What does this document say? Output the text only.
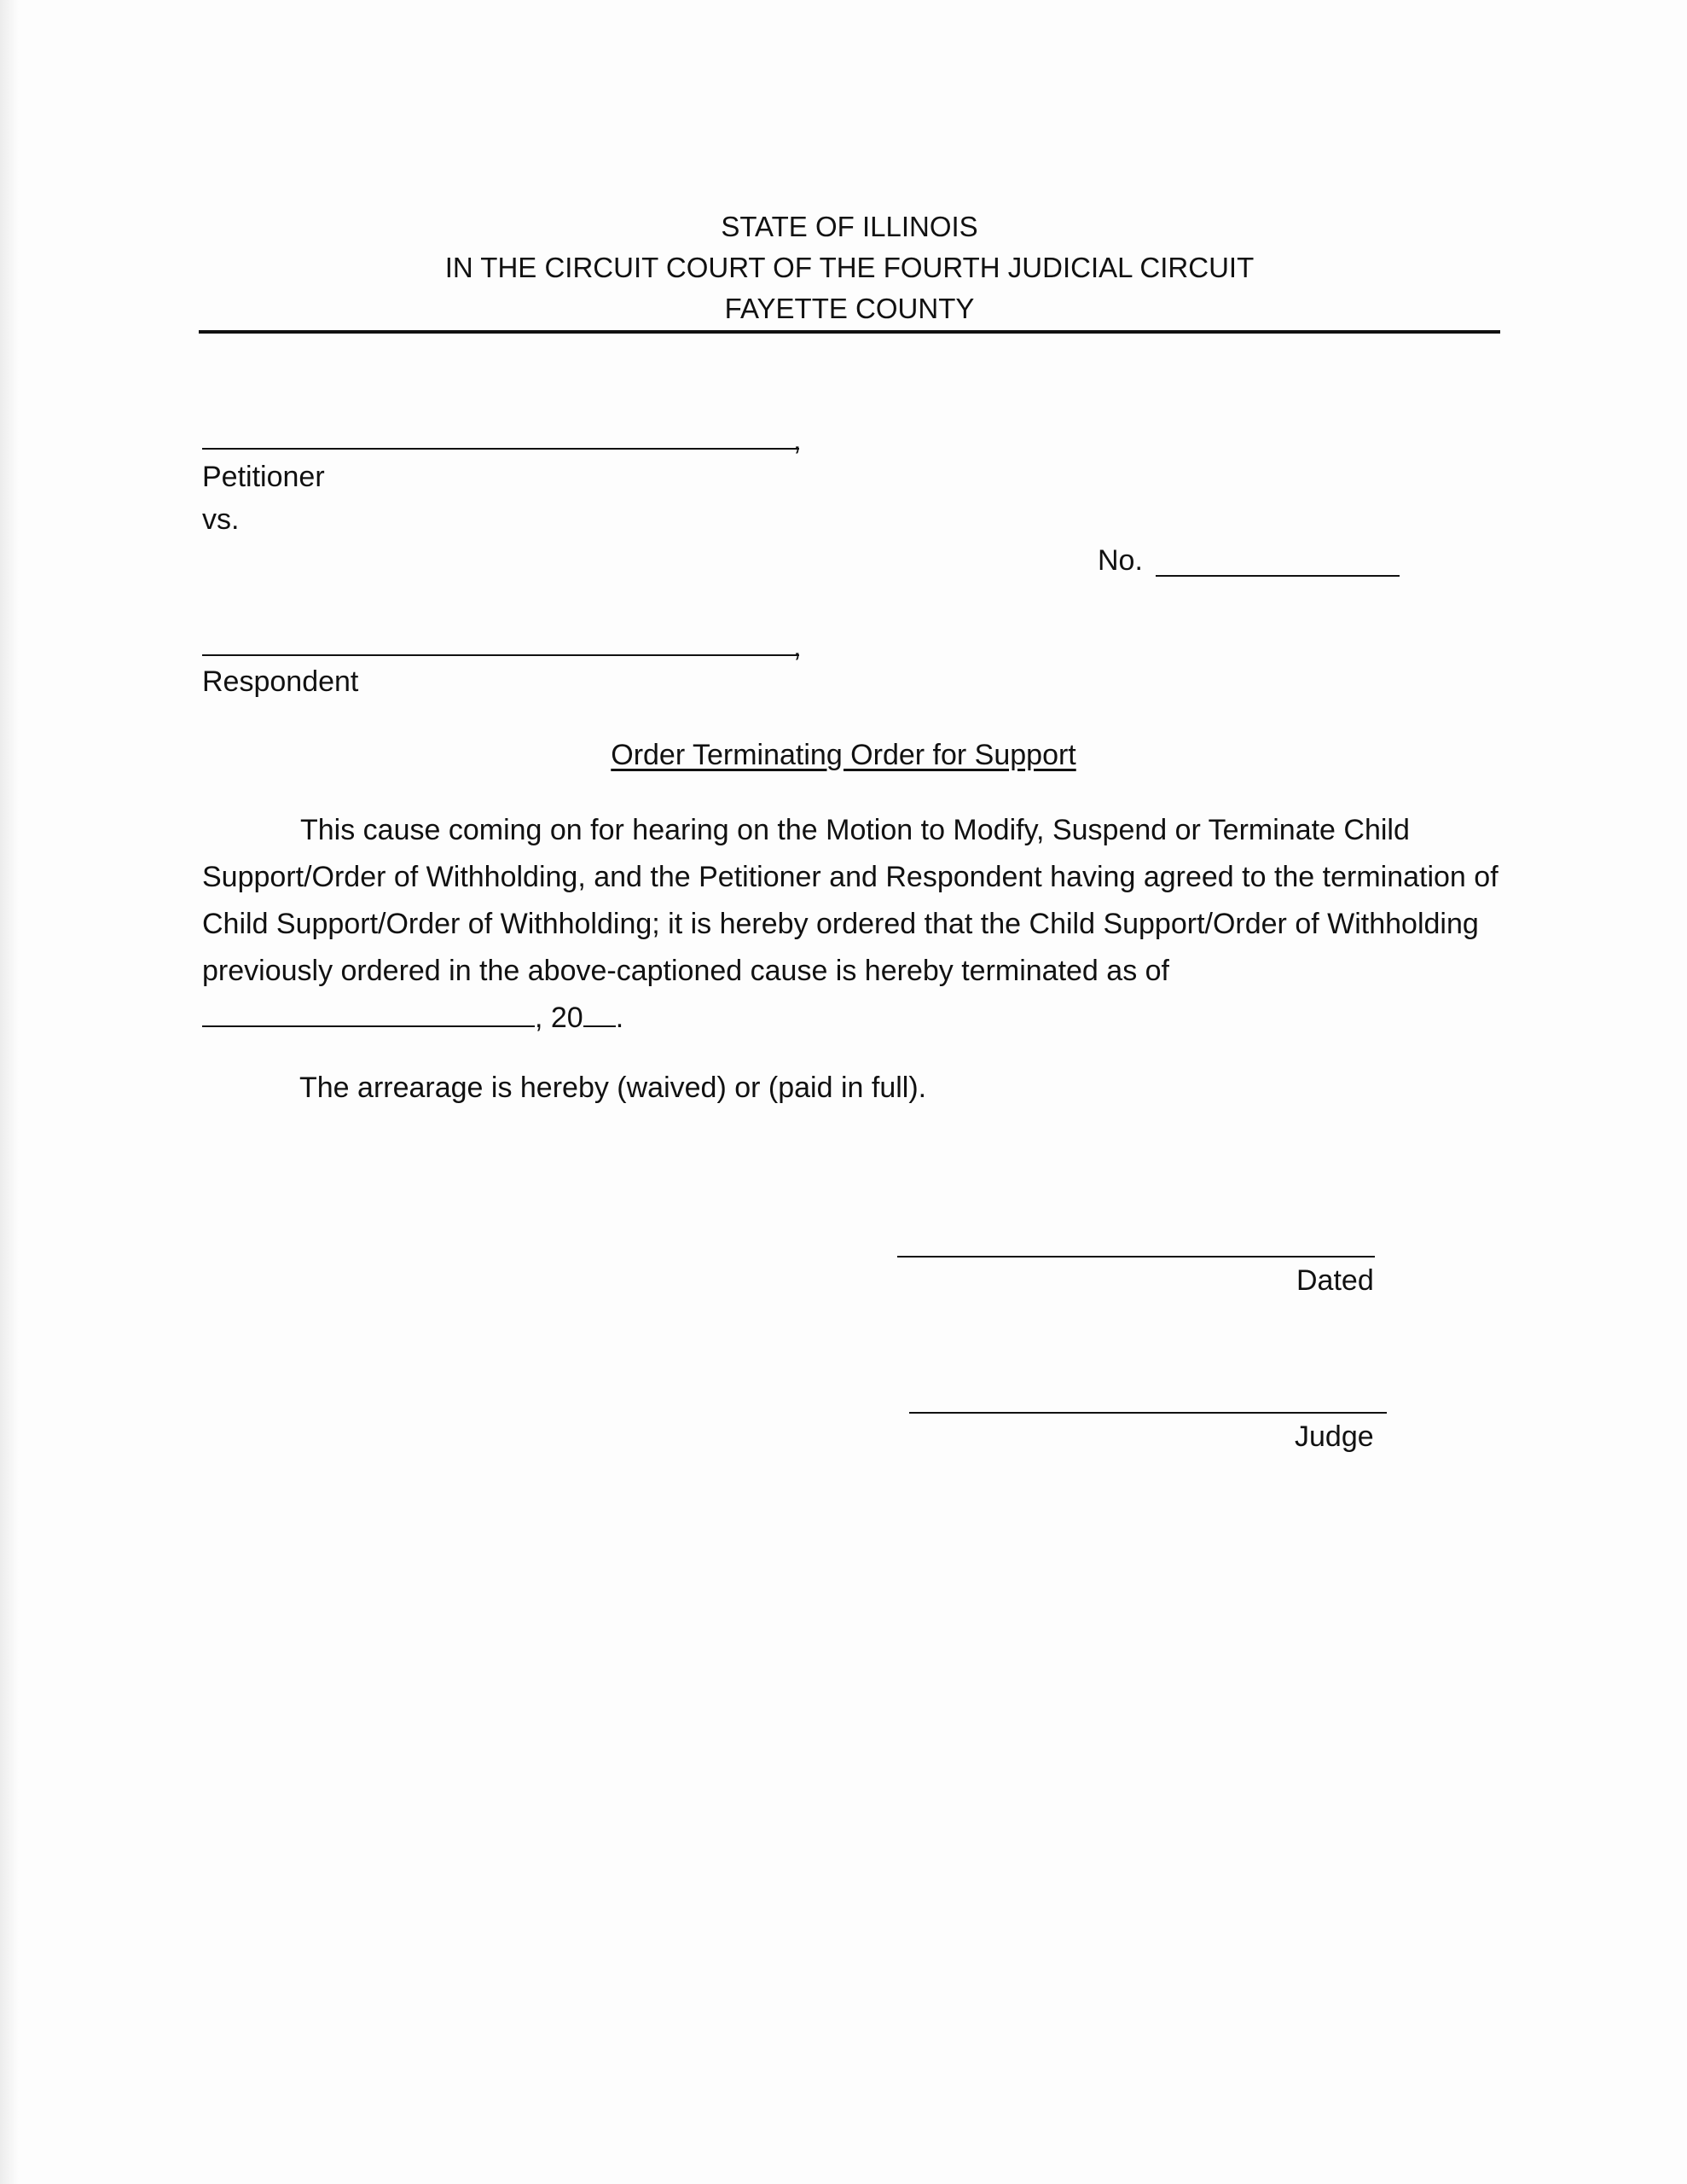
STATE OF ILLINOIS
IN THE CIRCUIT COURT OF THE FOURTH JUDICIAL CIRCUIT
FAYETTE COUNTY
,
Petitioner
vs.
No.
,
Respondent
Order Terminating Order for Support
This cause coming on for hearing on the Motion to Modify, Suspend or Terminate Child Support/Order of Withholding, and the Petitioner and Respondent having agreed to the termination of Child Support/Order of Withholding; it is hereby ordered that the Child Support/Order of Withholding previously ordered in the above-captioned cause is hereby terminated as of , 20 .
The arrearage is hereby (waived) or (paid in full).
Dated
Judge
